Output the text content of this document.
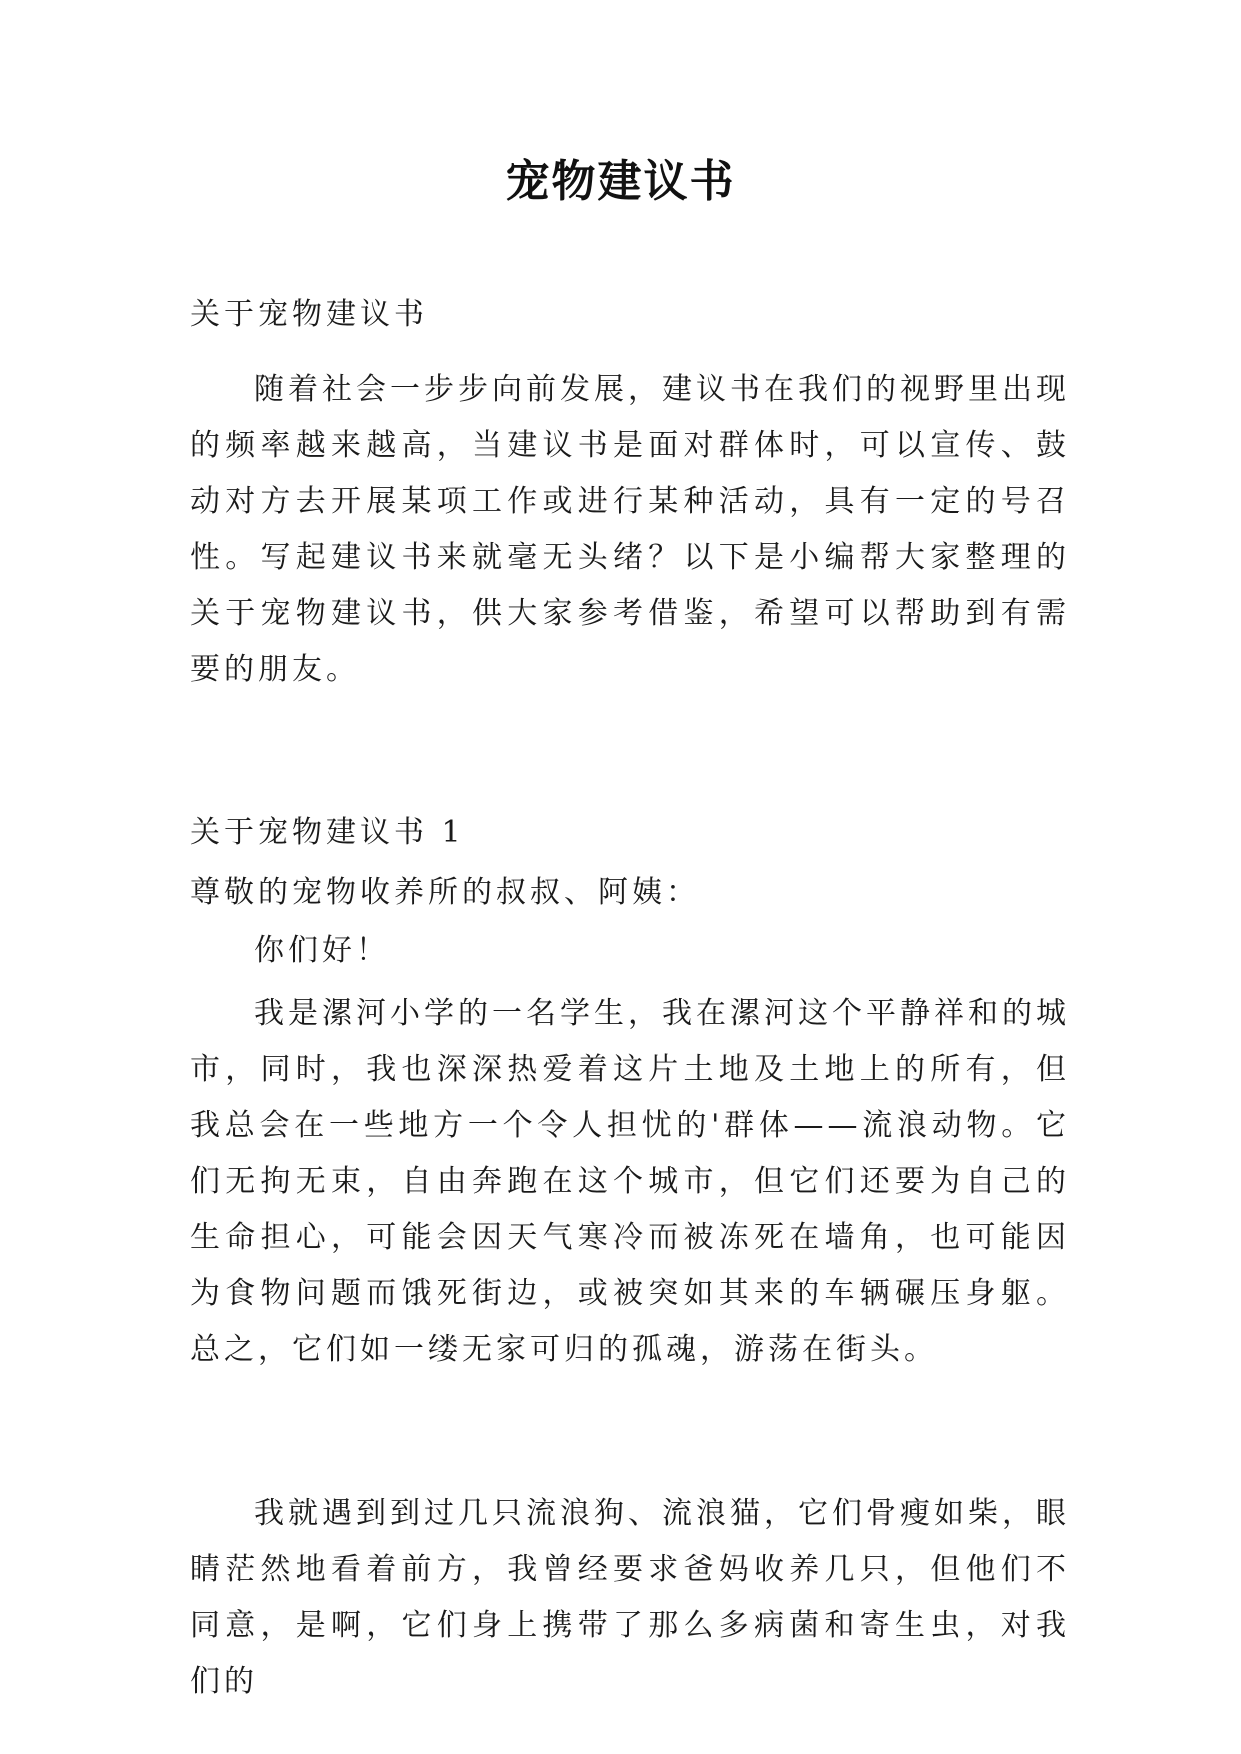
宠物建议书
关于宠物建议书

随着社会一步步向前发展，建议书在我们的视野里出现的频率越来越高，当建议书是面对群体时，可以宣传、鼓动对方去开展某项工作或进行某种活动，具有一定的号召性。写起建议书来就毫无头绪？以下是小编帮大家整理的关于宠物建议书，供大家参考借鉴，希望可以帮助到有需要的朋友。

关于宠物建议书 1
尊敬的宠物收养所的叔叔、阿姨：
你们好！

我是漯河小学的一名学生，我在漯河这个平静祥和的城市，同时，我也深深热爱着这片土地及土地上的所有，但我总会在一些地方一个令人担忧的'群体——流浪动物。它们无拘无束，自由奔跑在这个城市，但它们还要为自己的生命担心，可能会因天气寒冷而被冻死在墙角，也可能因为食物问题而饿死街边，或被突如其来的车辆碾压身躯。总之，它们如一缕无家可归的孤魂，游荡在街头。

我就遇到到过几只流浪狗、流浪猫，它们骨瘦如柴，眼睛茫然地看着前方，我曾经要求爸妈收养几只，但他们不同意，是啊，它们身上携带了那么多病菌和寄生虫，对我们的
